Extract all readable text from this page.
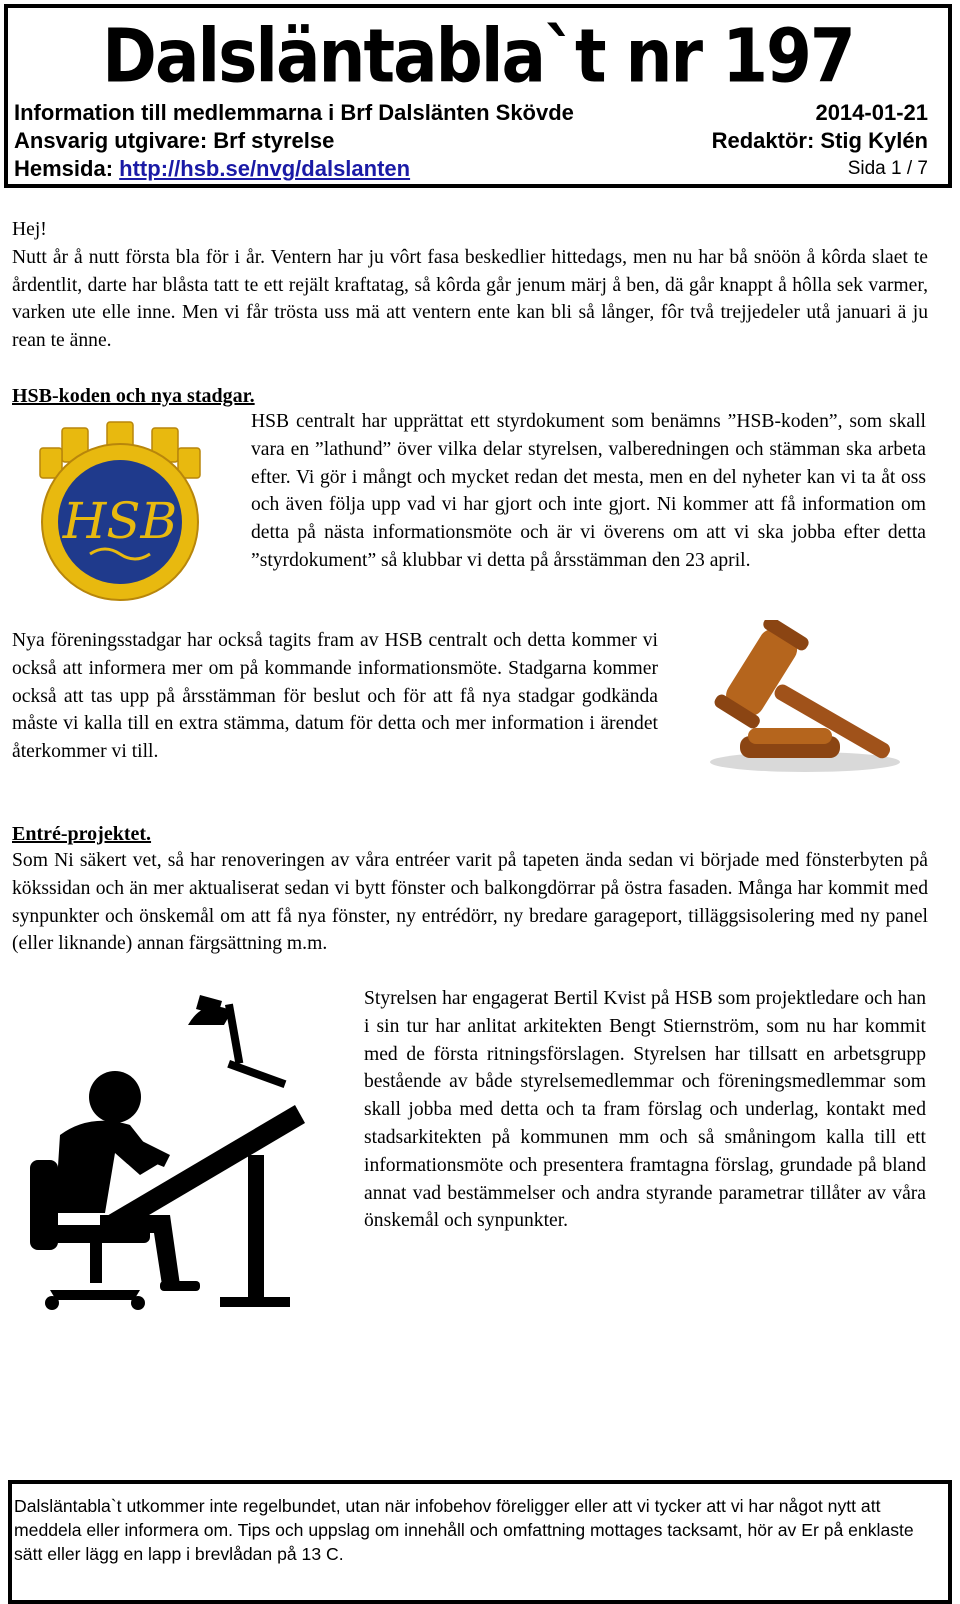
Dalsläntabla`t nr 197
Information till medlemmarna i Brf Dalslänten Skövde	2014-01-21
Ansvarig utgivare: Brf styrelse	Redaktör: Stig Kylén
Hemsida: http://hsb.se/nvg/dalslanten	Sida 1 / 7

Hej!

Nutt år å nutt första bla för i år. Ventern har ju vôrt fasa beskedlier hittedags, men nu har bå snöön å kôrda slaet te årdentlit, darte har blåsta tatt te ett rejält kraftatag, så kôrda går jenum märj å ben, dä går knappt å hôlla sek varmer, varken ute elle inne. Men vi får trösta uss mä att ventern ente kan bli så långer, fôr två trejjedeler utå januari ä ju rean te änne.

HSB-koden och nya stadgar.
HSB

HSB centralt har upprättat ett styrdokument som benämns ”HSB-koden”, som skall vara en ”lathund” över vilka delar styrelsen, valberedningen och stämman ska arbeta efter. Vi gör i mångt och mycket redan det mesta, men en del nyheter kan vi ta åt oss och även följa upp vad vi har gjort och inte gjort. Ni kommer att få information om detta på nästa informationsmöte och är vi överens om att vi ska jobba efter detta ”styrdokument” så klubbar vi detta på årsstämman den 23 april.

Nya föreningsstadgar har också tagits fram av HSB centralt och detta kommer vi också att informera mer om på kommande informationsmöte. Stadgarna kommer också att tas upp på årsstämman för beslut och för att få nya stadgar godkända måste vi kalla till en extra stämma, datum för detta och mer information i ärendet återkommer vi till.

Entré-projektet.

Som Ni säkert vet, så har renoveringen av våra entréer varit på tapeten ända sedan vi började med fönsterbyten på kökssidan och än mer aktualiserat sedan vi bytt fönster och balkongdörrar på östra fasaden. Många har kommit med synpunkter och önskemål om att få nya fönster, ny entrédörr, ny bredare garageport, tilläggsisolering med ny panel (eller liknande) annan färgsättning m.m.

Styrelsen har engagerat Bertil Kvist på HSB som projektledare och han i sin tur har anlitat arkitekten Bengt Stiernström, som nu har kommit med de första ritningsförslagen. Styrelsen har tillsatt en arbetsgrupp bestående av både styrelsemedlemmar och föreningsmedlemmar som skall jobba med detta och ta fram förslag och underlag, kontakt med stadsarkitekten på kommunen mm och så småningom kalla till ett informationsmöte och presentera framtagna förslag, grundade på bland annat vad bestämmelser och andra styrande parametrar tillåter av våra önskemål och synpunkter.

Dalsläntabla`t utkommer inte regelbundet, utan när infobehov föreligger eller att vi tycker att vi har något nytt att meddela eller informera om. Tips och uppslag om innehåll och omfattning mottages tacksamt, hör av Er på enklaste sätt eller lägg en lapp i brevlådan på 13 C.
